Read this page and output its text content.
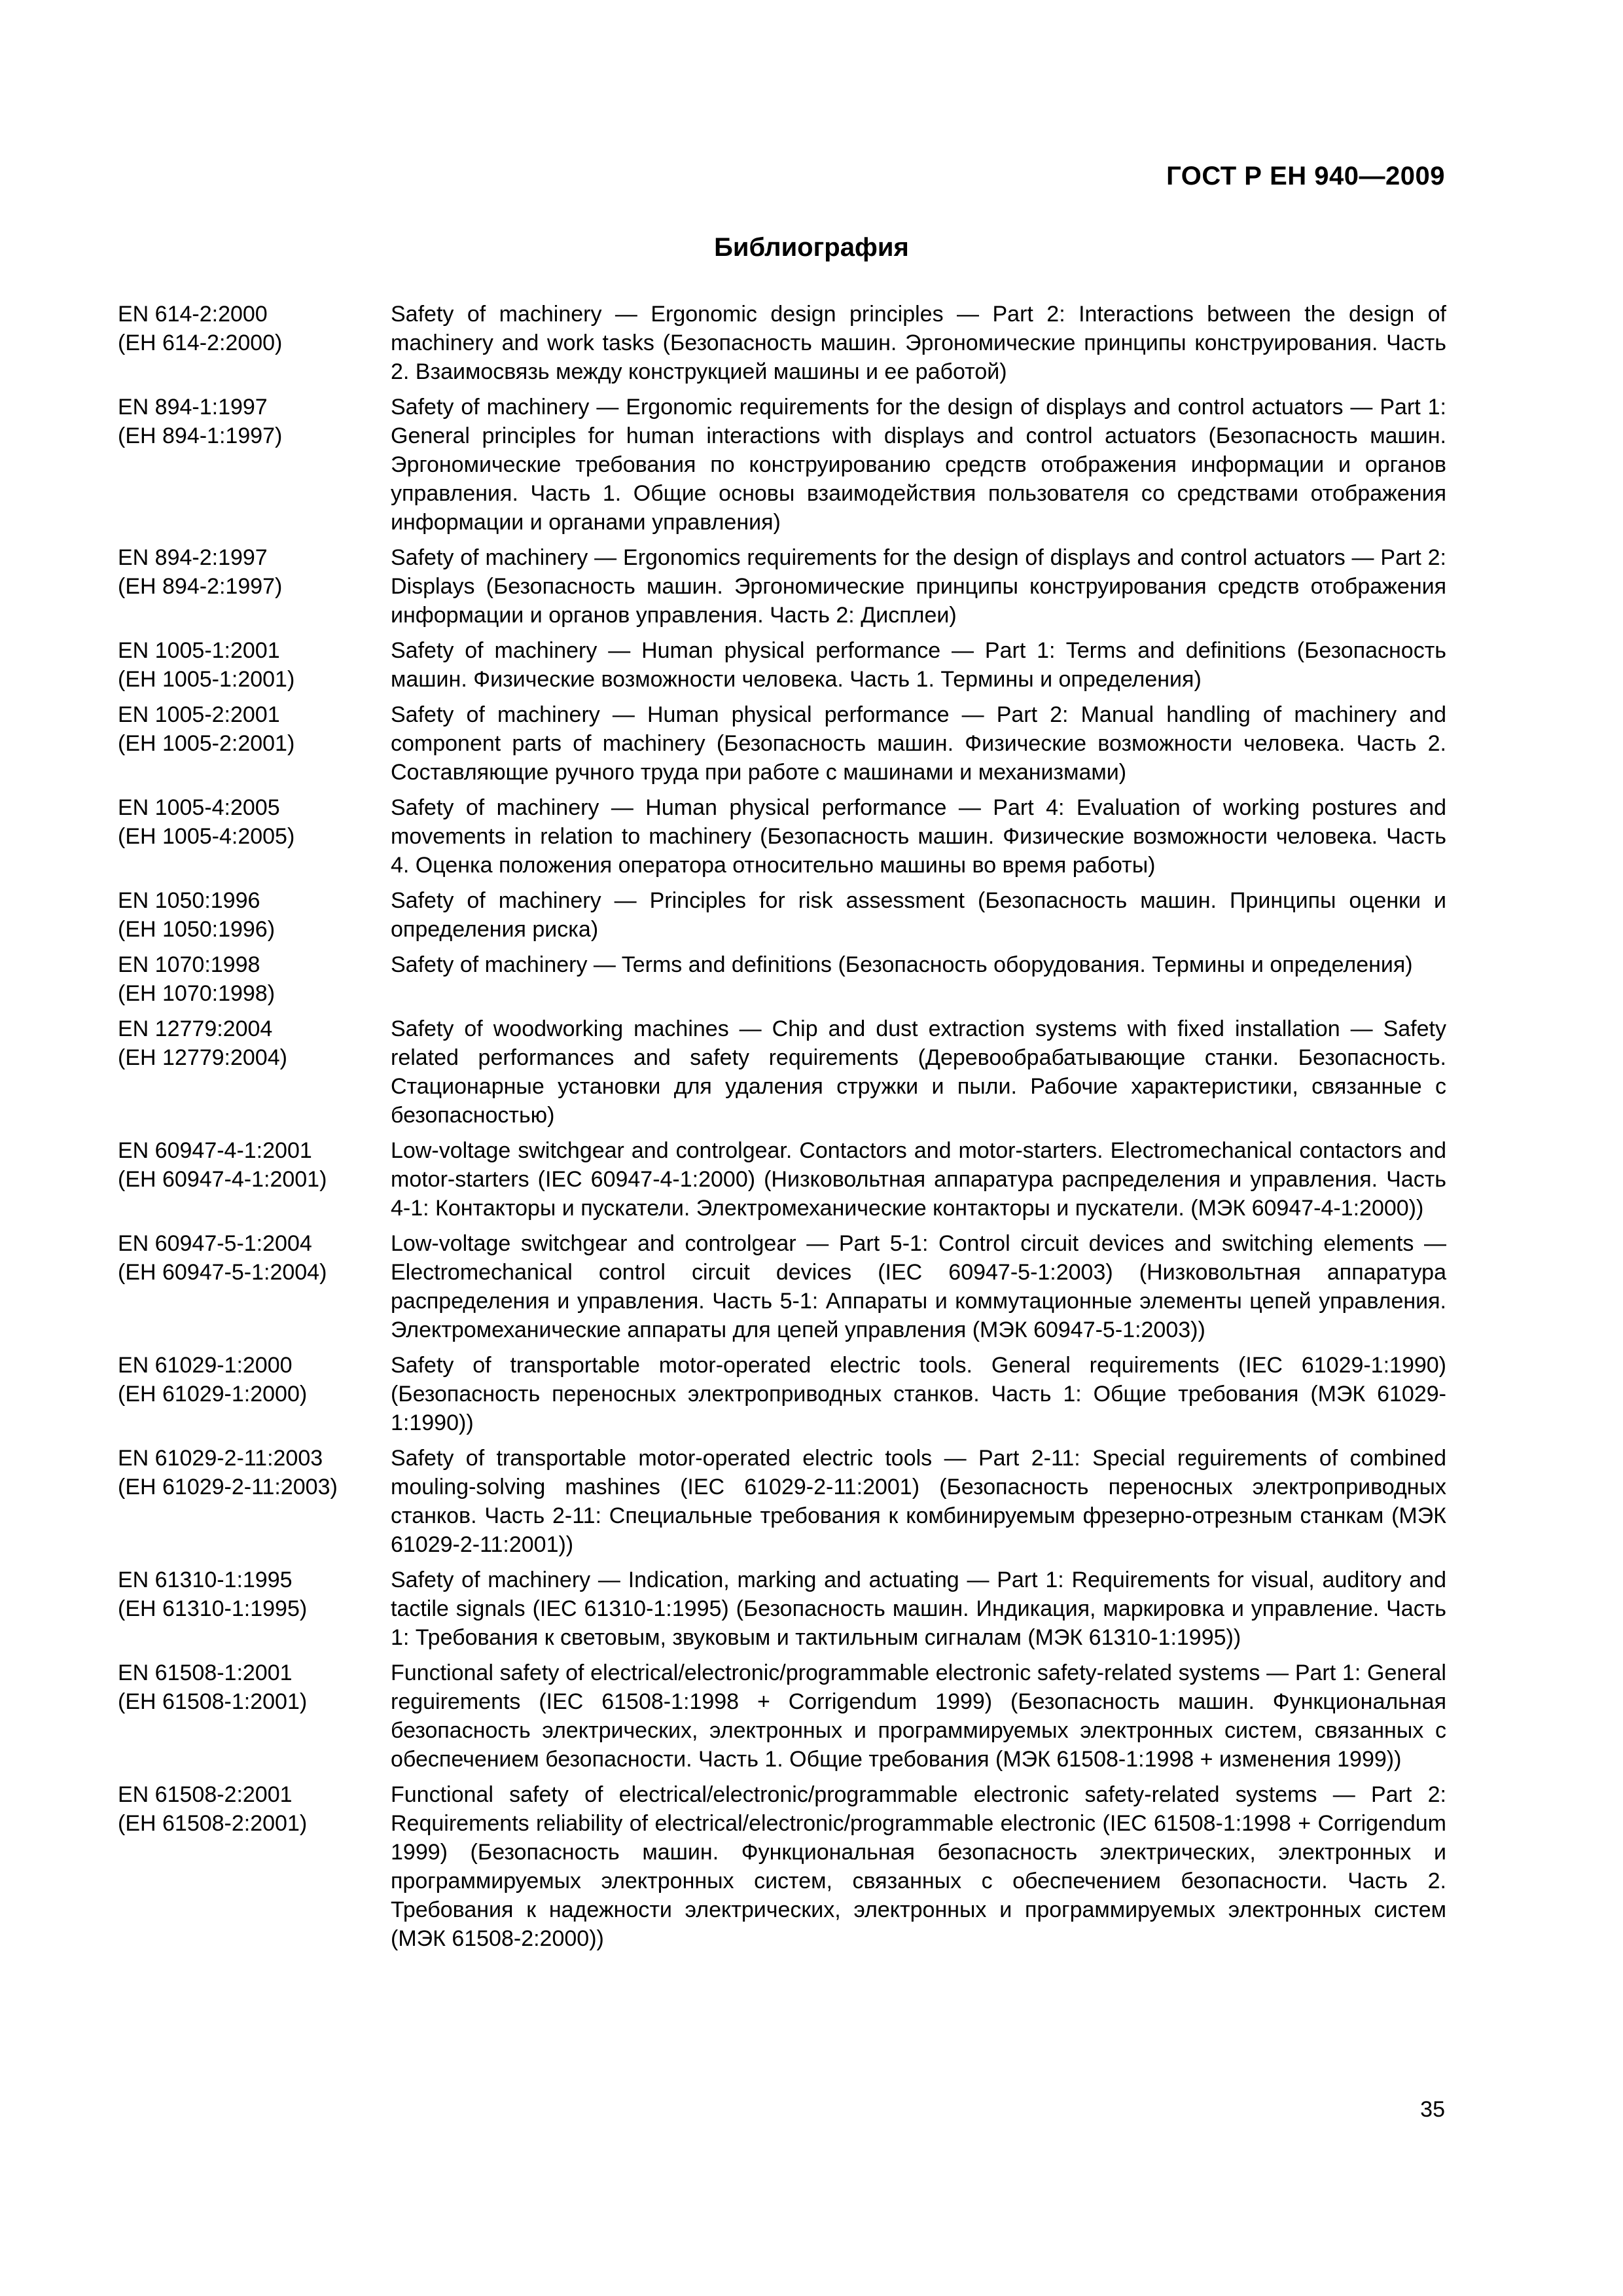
ГОСТ Р ЕН 940—2009
Библиография
EN 614-2:2000
(ЕН 614-2:2000)
Safety of machinery — Ergonomic design principles — Part 2: Interactions between the design of machinery and work tasks (Безопасность машин. Эргономические принципы конструирования. Часть 2. Взаимосвязь между конструкцией машины и ее работой)
EN 894-1:1997
(ЕН 894-1:1997)
Safety of machinery — Ergonomic requirements for the design of displays and control actuators — Part 1: General principles for human interactions with displays and control actuators (Безопасность машин. Эргономические требования по конструированию средств отображения информации и органов управления. Часть 1. Общие основы взаимодействия пользователя со средствами отображения информации и органами управления)
EN 894-2:1997
(ЕН 894-2:1997)
Safety of machinery — Ergonomics requirements for the design of displays and control actuators — Part 2: Displays (Безопасность машин. Эргономические принципы конструирования средств отображения информации и органов управления. Часть 2: Дисплеи)
EN 1005-1:2001
(ЕН 1005-1:2001)
Safety of machinery — Human physical performance — Part 1: Terms and definitions (Безопасность машин. Физические возможности человека. Часть 1. Термины и определения)
EN 1005-2:2001
(ЕН 1005-2:2001)
Safety of machinery — Human physical performance — Part 2: Manual handling of machinery and component parts of machinery (Безопасность машин. Физические возможности человека. Часть 2. Составляющие ручного труда при работе с машинами и механизмами)
EN 1005-4:2005
(ЕН 1005-4:2005)
Safety of machinery — Human physical performance — Part 4: Evaluation of working postures and movements in relation to machinery (Безопасность машин. Физические возможности человека. Часть 4. Оценка положения оператора относительно машины во время работы)
EN 1050:1996
(ЕН 1050:1996)
Safety of machinery — Principles for risk assessment (Безопасность машин. Принципы оценки и определения риска)
EN 1070:1998
(ЕН 1070:1998)
Safety of machinery — Terms and definitions (Безопасность оборудования. Термины и определения)
EN 12779:2004
(ЕН 12779:2004)
Safety of woodworking machines — Chip and dust extraction systems with fixed installation — Safety related performances and safety requirements (Деревообрабатывающие станки. Безопасность. Стационарные установки для удаления стружки и пыли. Рабочие характеристики, связанные с безопасностью)
EN 60947-4-1:2001
(ЕН 60947-4-1:2001)
Low-voltage switchgear and controlgear. Contactors and motor-starters. Electromechanical contactors and motor-starters (IEC 60947-4-1:2000) (Низковольтная аппаратура распределения и управления. Часть 4-1: Контакторы и пускатели. Электромеханические контакторы и пускатели. (МЭК 60947-4-1:2000))
EN 60947-5-1:2004
(ЕН 60947-5-1:2004)
Low-voltage switchgear and controlgear — Part 5-1: Control circuit devices and switching elements — Electromechanical control circuit devices (IEC 60947-5-1:2003) (Низковольтная аппаратура распределения и управления. Часть 5-1: Аппараты и коммутационные элементы цепей управления. Электромеханические аппараты для цепей управления (МЭК 60947-5-1:2003))
EN 61029-1:2000
(ЕН 61029-1:2000)
Safety of transportable motor-operated electric tools. General requirements (IEC 61029-1:1990) (Безопасность переносных электроприводных станков. Часть 1: Общие требования (МЭК 61029-1:1990))
EN 61029-2-11:2003
(ЕН 61029-2-11:2003)
Safety of transportable motor-operated electric tools — Part 2-11: Special reguirements of combined mouling-solving mashines (IEC 61029-2-11:2001) (Безопасность переносных электроприводных станков. Часть 2-11: Специальные требования к комбинируемым фрезерно-отрезным станкам (МЭК 61029-2-11:2001))
EN 61310-1:1995
(ЕН 61310-1:1995)
Safety of machinery — Indication, marking and actuating — Part 1: Requirements for visual, auditory and tactile signals (IEC 61310-1:1995) (Безопасность машин. Индикация, маркировка и управление. Часть 1: Требования к световым, звуковым и тактильным сигналам (МЭК 61310-1:1995))
EN 61508-1:2001
(ЕН 61508-1:2001)
Functional safety of electrical/electronic/programmable electronic safety-related systems — Part 1: General reguirements (IEC 61508-1:1998 + Corrigendum 1999) (Безопасность машин. Функциональная безопасность электрических, электронных и программируемых электронных систем, связанных с обеспечением безопасности. Часть 1. Общие требования (МЭК 61508-1:1998 + изменения 1999))
EN 61508-2:2001
(ЕН 61508-2:2001)
Functional safety of electrical/electronic/programmable electronic safety-related systems — Part 2: Requirements reliability of electrical/electronic/programmable electronic (IEC 61508-1:1998 + Corrigendum 1999) (Безопасность машин. Функциональная безопасность электрических, электронных и программируемых электронных систем, связанных с обеспечением безопасности. Часть 2. Требования к надежности электрических, электронных и программируемых электронных систем (МЭК 61508-2:2000))
35
